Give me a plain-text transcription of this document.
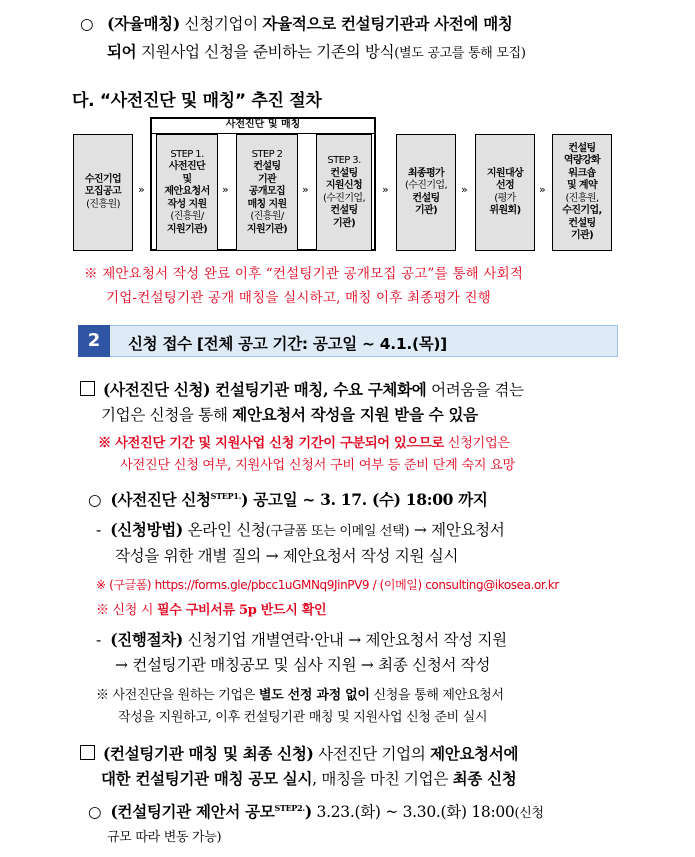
○ (자율매칭) 신청기업이 자율적으로 컨설팅기관과 사전에 매칭
되어 지원사업 신청을 준비하는 기존의 방식(별도 공고를 통해 모집)
다. “사전진단 및 매칭” 추진 절차
사전진단 및 매칭
수진기업
모집공고
(진흥원)
STEP 1.
사전진단
및
제안요청서
작성 지원
(진흥원/
지원기관)
STEP 2
컨설팅
기관
공개모집
매칭 지원
(진흥원/
지원기관)
STEP 3.
컨설팅
지원신청
(수진기업,
컨설팅
기관)
최종평가
(수진기업,
컨설팅
기관)
지원대상
선정
(평가
위원회)
컨설팅
역량강화
워크숍
및 계약
(진흥원,
수진기업,
컨설팅
기관)
»	»	»	»	»	»
※ 제안요청서 작성 완료 이후 “컨설팅기관 공개모집 공고”를 통해 사회적
기업-컨설팅기관 공개 매칭을 실시하고, 매칭 이후 최종평가 진행
2	신청 접수 [전체 공고 기간: 공고일 ~ 4.1.(목)]
(사전진단 신청) 컨설팅기관 매칭, 수요 구체화에 어려움을 겪는
기업은 신청을 통해 제안요청서 작성을 지원 받을 수 있음
※ 사전진단 기간 및 지원사업 신청 기간이 구분되어 있으므로 신청기업은
사전진단 신청 여부, 지원사업 신청서 구비 여부 등 준비 단계 숙지 요망
○ (사전진단 신청$^{STEP1.}$) 공고일 ~ 3. 17. (수) 18:00 까지
- (신청방법) 온라인 신청(구글폼 또는 이메일 선택) → 제안요청서
작성을 위한 개별 질의 → 제안요청서 작성 지원 실시
※ (구글폼) https://forms.gle/pbcc1uGMNq9JinPV9 / (이메일) consulting@ikosea.or.kr
※ 신청 시 필수 구비서류 5p 반드시 확인
- (진행절차) 신청기업 개별연락·안내 → 제안요청서 작성 지원
→ 컨설팅기관 매칭공모 및 심사 지원 → 최종 신청서 작성
※ 사전진단을 원하는 기업은 별도 선정 과정 없이 신청을 통해 제안요청서
작성을 지원하고, 이후 컨설팅기관 매칭 및 지원사업 신청 준비 실시
(컨설팅기관 매칭 및 최종 신청) 사전진단 기업의 제안요청서에
대한 컨설팅기관 매칭 공모 실시, 매칭을 마친 기업은 최종 신청
○ (컨설팅기관 제안서 공모$^{STEP2.}$) 3.23.(화) ~ 3.30.(화) 18:00(신청
규모 따라 변동 가능)
